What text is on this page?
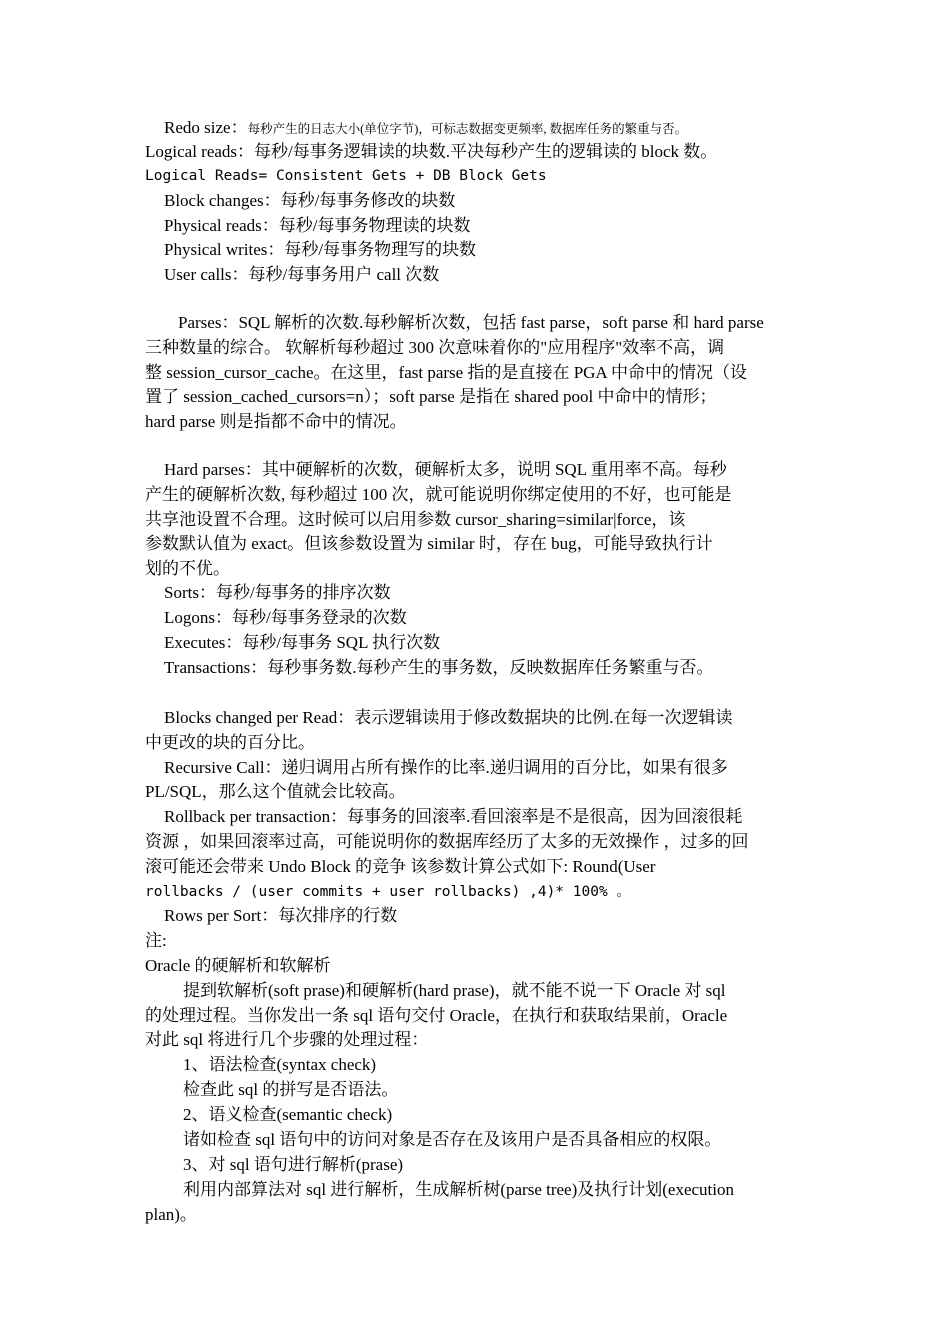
Redo size：每秒产生的日志大小(单位字节)，可标志数据变更频率, 数据库任务的繁重与否。
Logical reads：每秒/每事务逻辑读的块数.平决每秒产生的逻辑读的 block 数。
Logical Reads= Consistent Gets + DB Block Gets
Block changes：每秒/每事务修改的块数
Physical reads：每秒/每事务物理读的块数
Physical writes：每秒/每事务物理写的块数
User calls：每秒/每事务用户 call 次数
Parses：SQL 解析的次数.每秒解析次数，包括 fast parse，soft parse 和 hard parse
三种数量的综合。 软解析每秒超过 300 次意味着你的"应用程序"效率不高，调
整 session_cursor_cache。在这里，fast parse 指的是直接在 PGA 中命中的情况（设
置了 session_cached_cursors=n）；soft parse 是指在 shared pool 中命中的情形；
hard parse 则是指都不命中的情况。
Hard parses：其中硬解析的次数，硬解析太多，说明 SQL 重用率不高。每秒
产生的硬解析次数, 每秒超过 100 次，就可能说明你绑定使用的不好，也可能是
共享池设置不合理。这时候可以启用参数 cursor_sharing=similar|force，该
参数默认值为 exact。但该参数设置为 similar 时，存在 bug，可能导致执行计
划的不优。
Sorts：每秒/每事务的排序次数
Logons：每秒/每事务登录的次数
Executes：每秒/每事务 SQL 执行次数
Transactions：每秒事务数.每秒产生的事务数，反映数据库任务繁重与否。
Blocks changed per Read：表示逻辑读用于修改数据块的比例.在每一次逻辑读
中更改的块的百分比。
Recursive Call：递归调用占所有操作的比率.递归调用的百分比，如果有很多
PL/SQL，那么这个值就会比较高。
Rollback per transaction：每事务的回滚率.看回滚率是不是很高，因为回滚很耗
资源 ，如果回滚率过高，可能说明你的数据库经历了太多的无效操作 ，过多的回
滚可能还会带来 Undo Block 的竞争 该参数计算公式如下: Round(User
rollbacks / (user commits + user rollbacks) ,4)* 100% 。
Rows per Sort：每次排序的行数
注:
Oracle 的硬解析和软解析
提到软解析(soft prase)和硬解析(hard prase)，就不能不说一下 Oracle 对 sql
的处理过程。当你发出一条 sql 语句交付 Oracle，在执行和获取结果前，Oracle
对此 sql 将进行几个步骤的处理过程：
1、语法检查(syntax check)
检查此 sql 的拼写是否语法。
2、语义检查(semantic check)
诸如检查 sql 语句中的访问对象是否存在及该用户是否具备相应的权限。
3、对 sql 语句进行解析(prase)
利用内部算法对 sql 进行解析，生成解析树(parse tree)及执行计划(execution
plan)。
